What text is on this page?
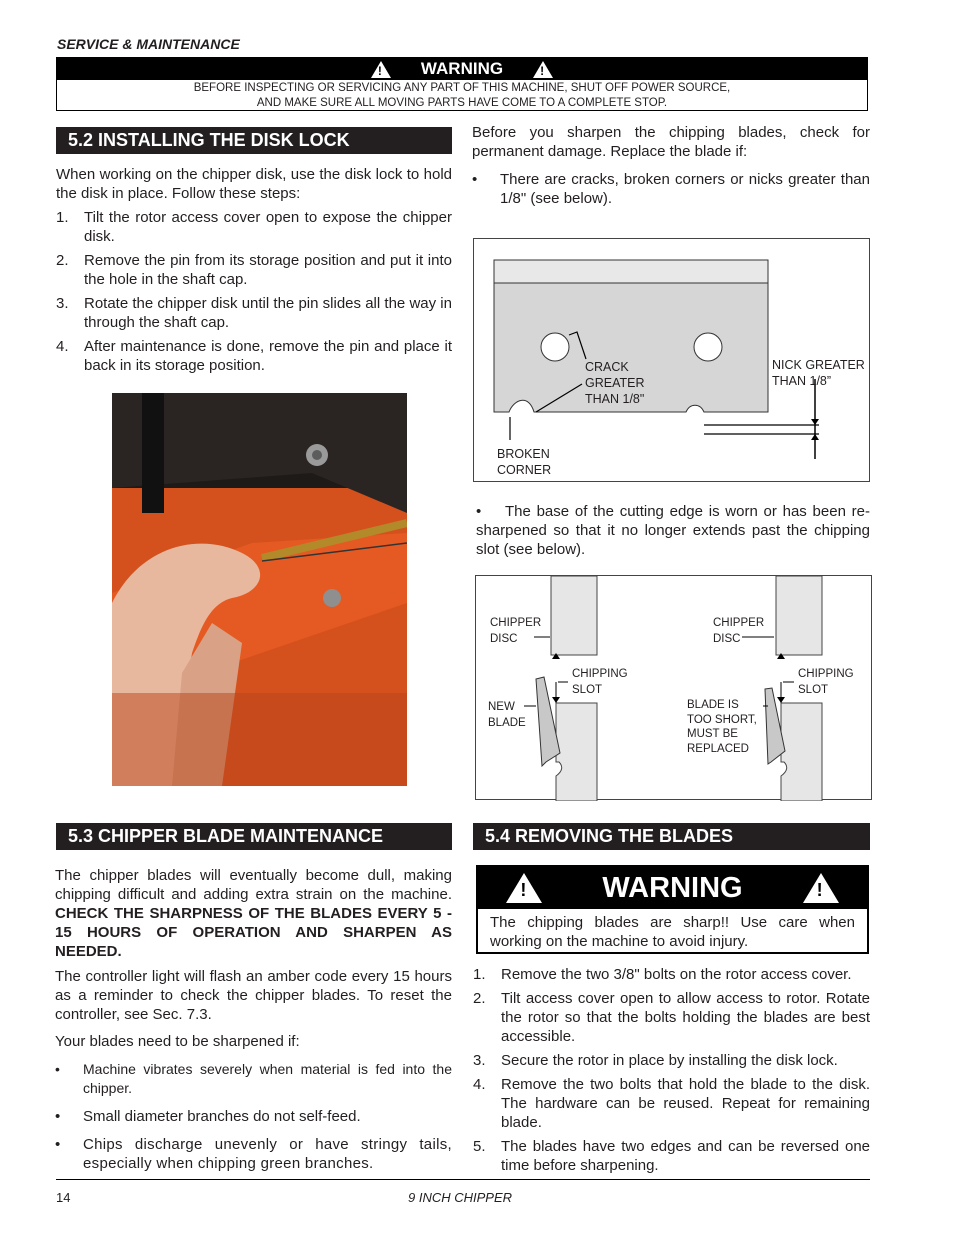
SERVICE & MAINTENANCE
! WARNING	!
BEFORE INSPECTING OR SERVICING ANY PART OF THIS MACHINE, SHUT OFF POWER SOURCE,
AND MAKE SURE ALL MOVING PARTS HAVE COME TO A COMPLETE STOP.
5.2 INSTALLING THE DISK LOCK
When working on the chipper disk, use the disk lock to hold the disk in place. Follow these steps:
1.	Tilt the rotor access cover open to expose the chipper disk.
2.	Remove the pin from its storage position and put it into the hole in the shaft cap.
3.	Rotate the chipper disk until the pin slides all the way in through the shaft cap.
4.	After maintenance is done, remove the pin and place it back in its storage position.
Before you sharpen the chipping blades, check for permanent damage. Replace the blade if:
•	There are cracks, broken corners or nicks greater than 1/8" (see below).
CRACK
GREATER
THAN 1/8"
NICK GREATER
THAN 1/8”
BROKEN
CORNER
•	The base of the cutting edge is worn or has been re-sharpened so that it no longer extends past the chipping slot (see below).
CHIPPER
DISC
CHIPPING
SLOT
NEW
BLADE
CHIPPER
DISC
CHIPPING
SLOT
BLADE IS
TOO SHORT,
MUST BE
REPLACED
5.3 CHIPPER BLADE MAINTENANCE
The chipper blades will eventually become dull, making chipping difficult and adding extra strain on the machine. CHECK THE SHARPNESS OF THE BLADES EVERY 5 - 15 HOURS OF OPERATION AND SHARPEN AS NEEDED.
The controller light will flash an amber code every 15 hours as a reminder to check the chipper blades. To reset the controller, see Sec. 7.3.
Your blades need to be sharpened if:
•	Machine vibrates severely when material is fed into the chipper.
•	Small diameter branches do not self-feed.
•	Chips discharge unevenly or have stringy tails, especially when chipping green branches.
5.4 REMOVING THE BLADES
!	WARNING	!
The chipping blades are sharp!! Use care when working on the machine to avoid injury.
1.	Remove the two 3/8" bolts on the rotor access cover.
2.	Tilt access cover open to allow access to rotor. Rotate the rotor so that the bolts holding the blades are best accessible.
3.	Secure the rotor in place by installing the disk lock.
4.	Remove the two bolts that hold the blade to the disk. The hardware can be reused. Repeat for remaining blade.
5.	The blades have two edges and can be reversed one time before sharpening.
14	9 INCH CHIPPER
